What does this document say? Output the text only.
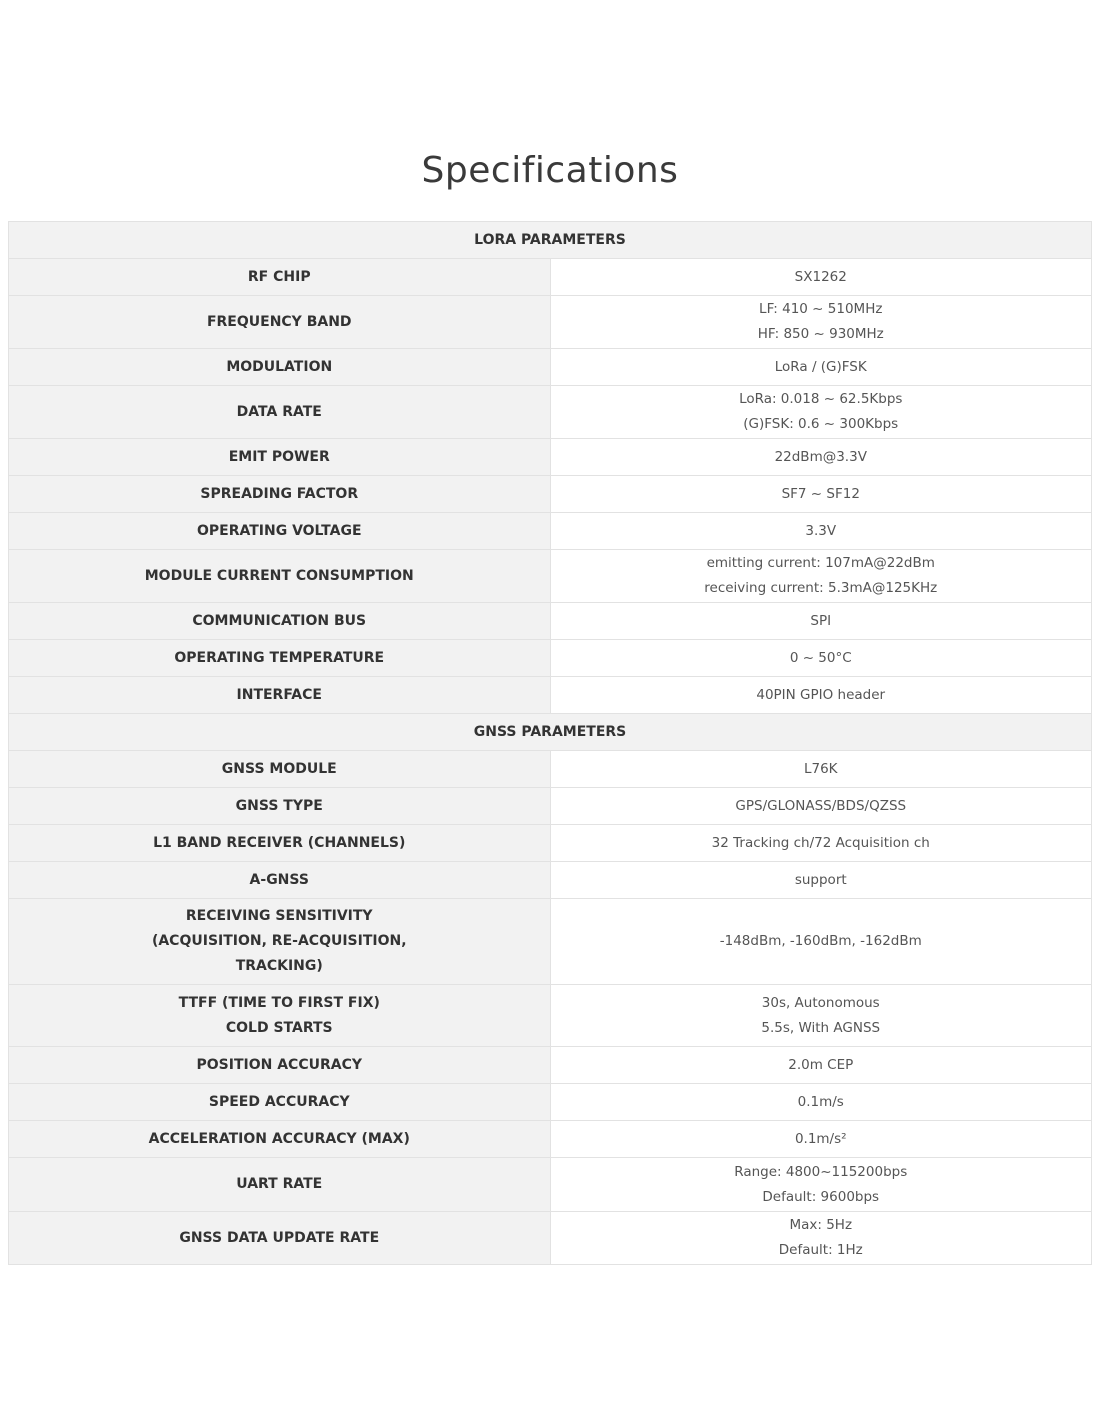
Specifications
LORA PARAMETERS	

RF CHIP	SX1262

FREQUENCY BAND	LF: 410 ~ 510MHz
HF: 850 ~ 930MHz

MODULATION	LoRa / (G)FSK

DATA RATE	LoRa: 0.018 ~ 62.5Kbps
(G)FSK: 0.6 ~ 300Kbps

EMIT POWER	22dBm@3.3V

SPREADING FACTOR	SF7 ~ SF12

OPERATING VOLTAGE	3.3V

MODULE CURRENT CONSUMPTION	emitting current: 107mA@22dBm
receiving current: 5.3mA@125KHz

COMMUNICATION BUS	SPI

OPERATING TEMPERATURE	0 ~ 50°C

INTERFACE	40PIN GPIO header

GNSS PARAMETERS	

GNSS MODULE	L76K

GNSS TYPE	GPS/GLONASS/BDS/QZSS

L1 BAND RECEIVER (CHANNELS)	32 Tracking ch/72 Acquisition ch

A-GNSS	support

RECEIVING SENSITIVITY
(ACQUISITION, RE-ACQUISITION,
TRACKING)	-148dBm, -160dBm, -162dBm

TTFF (TIME TO FIRST FIX)
COLD STARTS	30s, Autonomous
5.5s, With AGNSS

POSITION ACCURACY	2.0m CEP

SPEED ACCURACY	0.1m/s

ACCELERATION ACCURACY (MAX)	0.1m/s²

UART RATE	Range: 4800~115200bps
Default: 9600bps

GNSS DATA UPDATE RATE	Max: 5Hz
Default: 1Hz
